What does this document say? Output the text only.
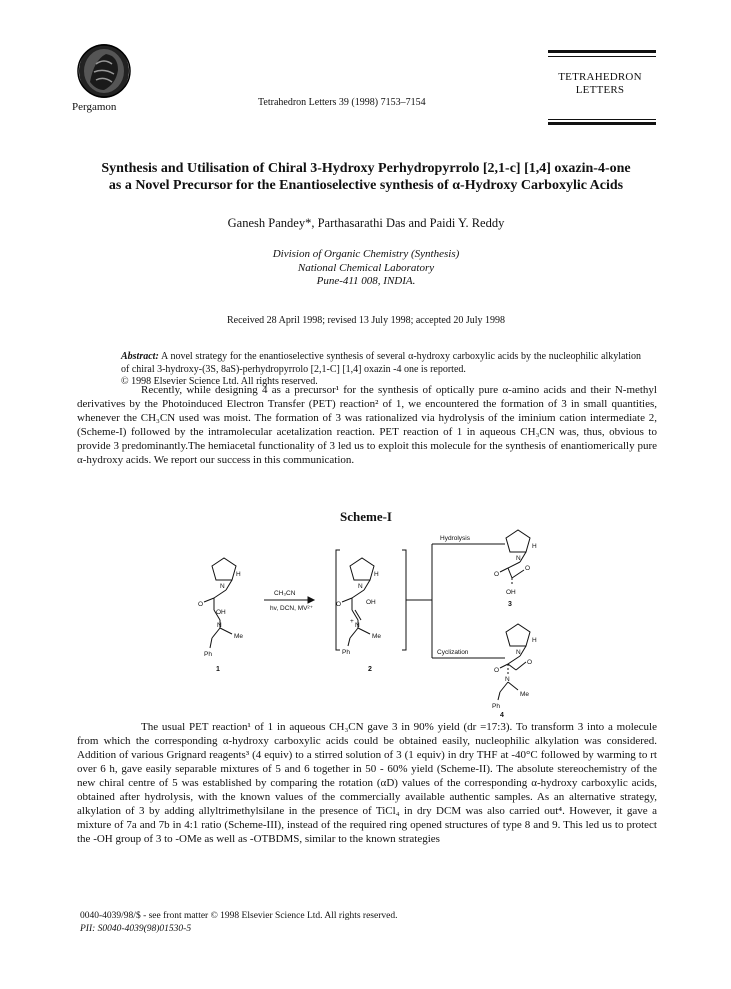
Pergamon	Tetrahedron Letters 39 (1998) 7153–7154
TETRAHEDRON
LETTERS
Synthesis and Utilisation of Chiral 3-Hydroxy Perhydropyrrolo [2,1-c] [1,4] oxazin-4-one
as a Novel Precursor for the Enantioselective synthesis of α-Hydroxy Carboxylic Acids
Ganesh Pandey*, Parthasarathi Das and Paidi Y. Reddy
Division of Organic Chemistry (Synthesis)
National Chemical Laboratory
Pune-411 008, INDIA.
Received 28 April 1998; revised 13 July 1998; accepted 20 July 1998
Abstract: A novel strategy for the enantioselective synthesis of several α-hydroxy carboxylic acids by the nucleophilic alkylation of chiral 3-hydroxy-(3S, 8aS)-perhydropyrrolo [2,1-C] [1,4] oxazin -4 one is reported.
© 1998 Elsevier Science Ltd. All rights reserved.

Recently, while designing 4 as a precursor¹ for the synthesis of optically pure α-amino acids and their N-methyl derivatives by the Photoinduced Electron Transfer (PET) reaction² of 1, we encountered the formation of 3 in small quantities, whenever the CH₃CN used was moist. The formation of 3 was rationalized via hydrolysis of the iminium cation intermediate 2, (Scheme-I) followed by the intramolecular acetalization reaction. PET reaction of 1 in aqueous CH₃CN was, thus, obvious to provide 3 predominantly.The hemiacetal functionality of 3 led us to exploit this molecule for the synthesis of enantiomerically pure α-hydroxy acids. We report our success in this communication.

Scheme-I
N
H
O
OH
N
Me
Ph
CH₃CN
hv, DCN, MV²⁺
N
H
O	OH
N
+
Me
Ph
Hydrolysis
Cyclization
N
H
O
O
OH
N
H
O
O
N
Me
Ph
1	2
3
4

The usual PET reaction¹ of 1 in aqueous CH₃CN gave 3 in 90% yield (dr =17:3). To transform 3 into a molecule from which the corresponding α-hydroxy carboxylic acids could be obtained easily, nucleophilic alkylation was considered. Addition of various Grignard reagents³ (4 equiv) to a stirred solution of 3 (1 equiv) in dry THF at -40°C followed by warming to rt over 6 h, gave easily separable mixtures of 5 and 6 together in 50 - 60% yield (Scheme-II). The absolute stereochemistry of the new chiral centre of 5 was established by comparing the rotation (αD) values of the corresponding α-hydroxy carboxylic acids, obtained after hydrolysis, with the known values of the commercially available authentic samples. As an alternative strategy, alkylation of 3 by adding allyltrimethylsilane in the presence of TiCl₄ in dry DCM was also carried out⁴. However, it gave a mixture of 7a and 7b in 4:1 ratio (Scheme-III), instead of the required ring opened structures of type 8 and 9. This led us to protect the -OH group of 3 to -OMe as well as -OTBDMS, similar to the known strategies

0040-4039/98/$ - see front matter © 1998 Elsevier Science Ltd. All rights reserved.
PII: S0040-4039(98)01530-5
